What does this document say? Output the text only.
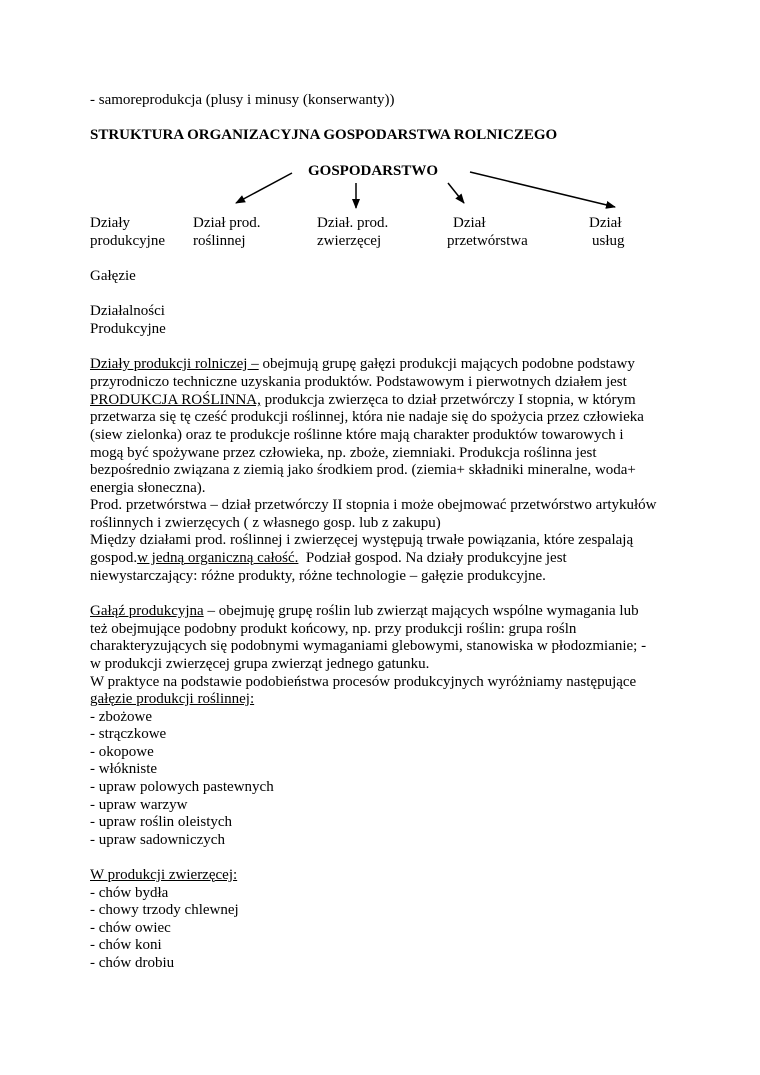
- samoreprodukcja (plusy i minusy (konserwanty))
STRUKTURA ORGANIZACYJNA GOSPODARSTWA ROLNICZEGO
GOSPODARSTWO
Działy
produkcyjne
Dział prod.
roślinnej
Dział. prod.
zwierzęcej
Dział
przetwórstwa
Dział
usług
Gałęzie
Działalności
Produkcyjne
Działy produkcji rolniczej – obejmują grupę gałęzi produkcji mających podobne podstawy
przyrodniczo techniczne uzyskania produktów. Podstawowym i pierwotnych działem jest
PRODUKCJA ROŚLINNA, produkcja zwierzęca to dział przetwórczy I stopnia, w którym
przetwarza się tę cześć produkcji roślinnej, która nie nadaje się do spożycia przez człowieka
(siew zielonka) oraz te produkcje roślinne które mają charakter produktów towarowych i
mogą być spożywane przez człowieka, np. zboże, ziemniaki. Produkcja roślinna jest
bezpośrednio związana z ziemią jako środkiem prod. (ziemia+ składniki mineralne, woda+
energia słoneczna).
Prod. przetwórstwa – dział przetwórczy II stopnia i może obejmować przetwórstwo artykułów
roślinnych i zwierzęcych ( z własnego gosp. lub z zakupu)
Między działami prod. roślinnej i zwierzęcej występują trwałe powiązania, które zespalają
gospod.w jedną organiczną całość.  Podział gospod. Na działy produkcyjne jest
niewystarczający: różne produkty, różne technologie – gałęzie produkcyjne.
Gałąź produkcyjna – obejmuję grupę roślin lub zwierząt mających wspólne wymagania lub
też obejmujące podobny produkt końcowy, np. przy produkcji roślin: grupa rośln
charakteryzujących się podobnymi wymaganiami glebowymi, stanowiska w płodozmianie; -
w produkcji zwierzęcej grupa zwierząt jednego gatunku.
W praktyce na podstawie podobieństwa procesów produkcyjnych wyróżniamy następujące
gałęzie produkcji roślinnej:
- zbożowe
- strączkowe
- okopowe
- włókniste
- upraw polowych pastewnych
- upraw warzyw
- upraw roślin oleistych
- upraw sadowniczych
W produkcji zwierzęcej:
- chów bydła
- chowy trzody chlewnej
- chów owiec
- chów koni
- chów drobiu
